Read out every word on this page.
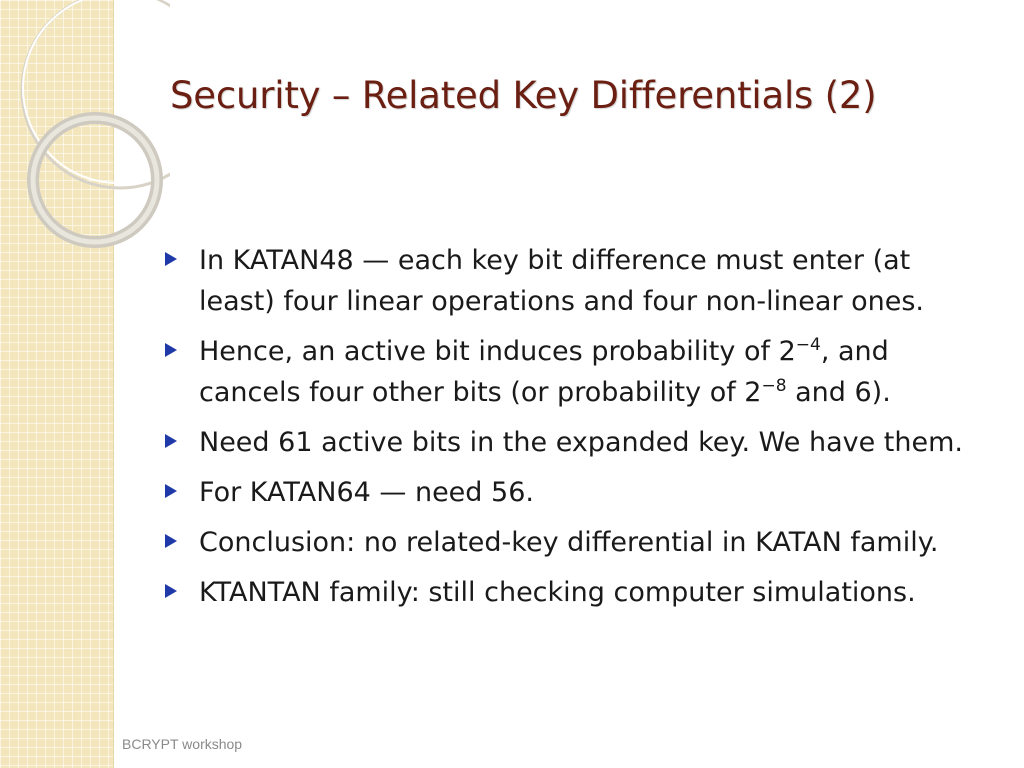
Security – Related Key Differentials (2)
In KATAN48 — each key bit difference must enter (at
least) four linear operations and four non-linear ones.
Hence, an active bit induces probability of $2^{-4}$, and
cancels four other bits (or probability of $2^{-8}$ and 6).
Need 61 active bits in the expanded key. We have them.
For KATAN64 — need 56.
Conclusion: no related-key differential in KATAN family.
KTANTAN family: still checking computer simulations.
BCRYPT workshop
